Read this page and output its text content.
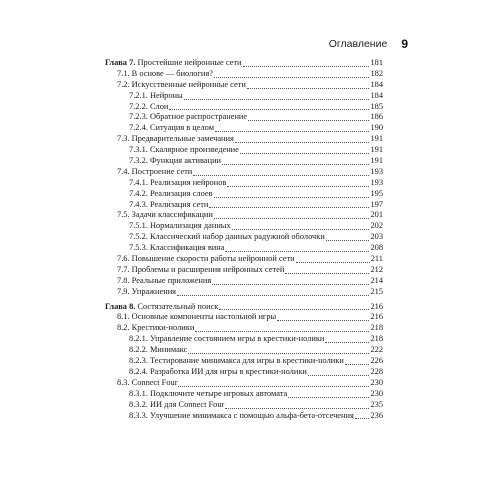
Оглавление 9
Глава 7. Простейшие нейронные сети	181
7.1. В основе — биология?	182
7.2. Искусственные нейронные сети	184
7.2.1. Нейроны	184
7.2.2. Слои	185
7.2.3. Обратное распространение	186
7.2.4. Ситуация в целом	190
7.3. Предварительные замечания	191
7.3.1. Скалярное произведение	191
7.3.2. Функция активации	191
7.4. Построение сети	193
7.4.1. Реализация нейронов	193
7.4.2. Реализация слоев	195
7.4.3. Реализация сети	197
7.5. Задачи классификации	201
7.5.1. Нормализация данных	202
7.5.2. Классический набор данных радужной оболочки	203
7.5.3. Классификация вина	208
7.6. Повышение скорости работы нейронной сети	211
7.7. Проблемы и расширения нейронных сетей	212
7.8. Реальные приложения	214
7.9. Упражнения	215
Глава 8. Состязательный поиск	216
8.1. Основные компоненты настольной игры	216
8.2. Крестики-нолики	218
8.2.1. Управление состоянием игры в крестики-нолики	218
8.2.2. Минимакс	222
8.2.3. Тестирование минимакса для игры в крестики-нолики	226
8.2.4. Разработка ИИ для игры в крестики-нолики	228
8.3. Connect Four	230
8.3.1. Подключите четыре игровых автомата	230
8.3.2. ИИ для Connect Four	235
8.3.3. Улучшение минимакса с помощью альфа-бета-отсечения 236
